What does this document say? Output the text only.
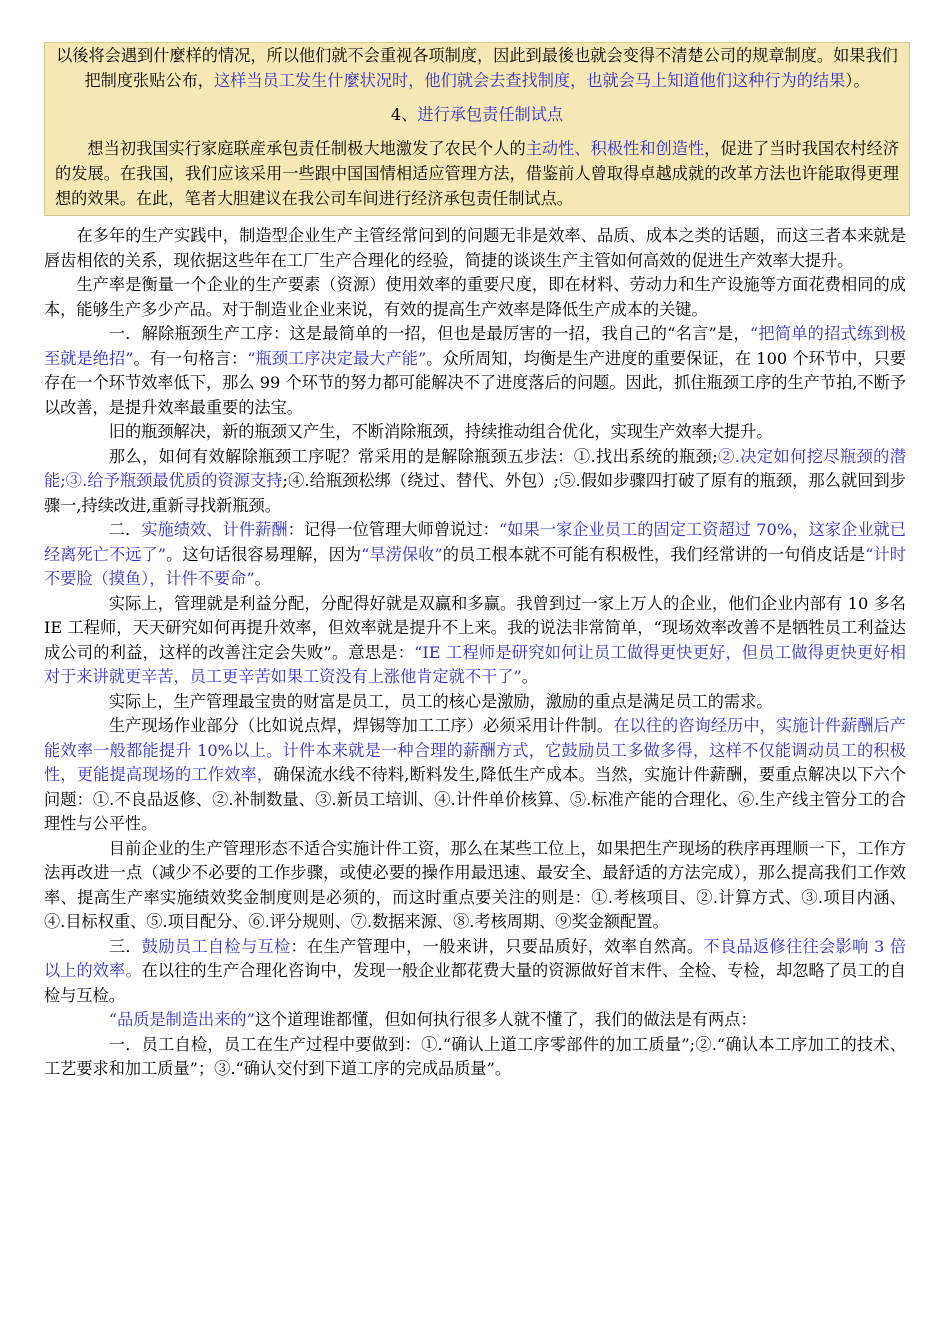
以後将会遇到什麼样的情况，所以他们就不会重视各项制度，因此到最後也就会变得不清楚公司的规章制度。如果我们把制度张贴公布，这样当员工发生什麼状况时，他们就会去查找制度，也就会马上知道他们这种行为的结果）。

4、进行承包责任制试点

想当初我国实行家庭联産承包责任制极大地激发了农民个人的主动性、积极性和创造性，促进了当时我国农村经济的发展。在我国，我们应该采用一些跟中国国情相适应管理方法，借鉴前人曾取得卓越成就的改革方法也许能取得更理想的效果。在此，笔者大胆建议在我公司车间进行经济承包责任制试点。

在多年的生产实践中，制造型企业生产主管经常问到的问题无非是效率、品质、成本之类的话题，而这三者本来就是唇齿相依的关系，现依据这些年在工厂生产合理化的经验，简捷的谈谈生产主管如何高效的促进生产效率大提升。

生产率是衡量一个企业的生产要素（资源）使用效率的重要尺度，即在材料、劳动力和生产设施等方面花费相同的成本，能够生产多少产品。对于制造业企业来说，有效的提高生产效率是降低生产成本的关键。

一．解除瓶颈生产工序：这是最简单的一招，但也是最厉害的一招，我自己的“名言”是，“把简单的招式练到极至就是绝招”。有一句格言：“瓶颈工序决定最大产能”。众所周知，均衡是生产进度的重要保证，在 100 个环节中，只要存在一个环节效率低下，那么 99 个环节的努力都可能解决不了进度落后的问题。因此，抓住瓶颈工序的生产节拍,不断予以改善，是提升效率最重要的法宝。

旧的瓶颈解决，新的瓶颈又产生，不断消除瓶颈，持续推动组合优化，实现生产效率大提升。

那么，如何有效解除瓶颈工序呢？常采用的是解除瓶颈五步法：①.找出系统的瓶颈;②.决定如何挖尽瓶颈的潜能;③.给予瓶颈最优质的资源支持;④.给瓶颈松绑（绕过、替代、外包）;⑤.假如步骤四打破了原有的瓶颈，那么就回到步骤一,持续改进,重新寻找新瓶颈。

二．实施绩效、计件薪酬：记得一位管理大师曾说过：“如果一家企业员工的固定工资超过 70%，这家企业就已经离死亡不远了”。这句话很容易理解，因为“旱涝保收”的员工根本就不可能有积极性，我们经常讲的一句俏皮话是“计时不要脸（摸鱼），计件不要命”。

实际上，管理就是利益分配，分配得好就是双赢和多赢。我曾到过一家上万人的企业，他们企业内部有 10 多名 IE 工程师，天天研究如何再提升效率，但效率就是提升不上来。我的说法非常简单，“现场效率改善不是牺牲员工利益达成公司的利益，这样的改善注定会失败”。意思是：“IE 工程师是研究如何让员工做得更快更好，但员工做得更快更好相对于来讲就更辛苦，员工更辛苦如果工资没有上涨他肯定就不干了”。

实际上，生产管理最宝贵的财富是员工，员工的核心是激励，激励的重点是满足员工的需求。

生产现场作业部分（比如说点焊，焊锡等加工工序）必须采用计件制。在以往的咨询经历中，实施计件薪酬后产能效率一般都能提升 10%以上。计件本来就是一种合理的薪酬方式，它鼓励员工多做多得，这样不仅能调动员工的积极性，更能提高现场的工作效率，确保流水线不待料,断料发生,降低生产成本。当然，实施计件薪酬，要重点解决以下六个问题：①.不良品返修、②.补制数量、③.新员工培训、④.计件单价核算、⑤.标准产能的合理化、⑥.生产线主管分工的合理性与公平性。

目前企业的生产管理形态不适合实施计件工资，那么在某些工位上，如果把生产现场的秩序再理顺一下，工作方法再改进一点（减少不必要的工作步骤，或使必要的操作用最迅速、最安全、最舒适的方法完成），那么提高我们工作效率、提高生产率实施绩效奖金制度则是必须的，而这时重点要关注的则是：①.考核项目、②.计算方式、③.项目内涵、④.目标权重、⑤.项目配分、⑥.评分规则、⑦.数据来源、⑧.考核周期、⑨奖金额配置。

三．鼓励员工自检与互检：在生产管理中，一般来讲，只要品质好，效率自然高。不良品返修往往会影响 3 倍以上的效率。在以往的生产合理化咨询中，发现一般企业都花费大量的资源做好首末件、全检、专检，却忽略了员工的自检与互检。

“品质是制造出来的”这个道理谁都懂，但如何执行很多人就不懂了，我们的做法是有两点：

一．员工自检，员工在生产过程中要做到：①.“确认上道工序零部件的加工质量”;②.“确认本工序加工的技术、工艺要求和加工质量”；③.“确认交付到下道工序的完成品质量”。
